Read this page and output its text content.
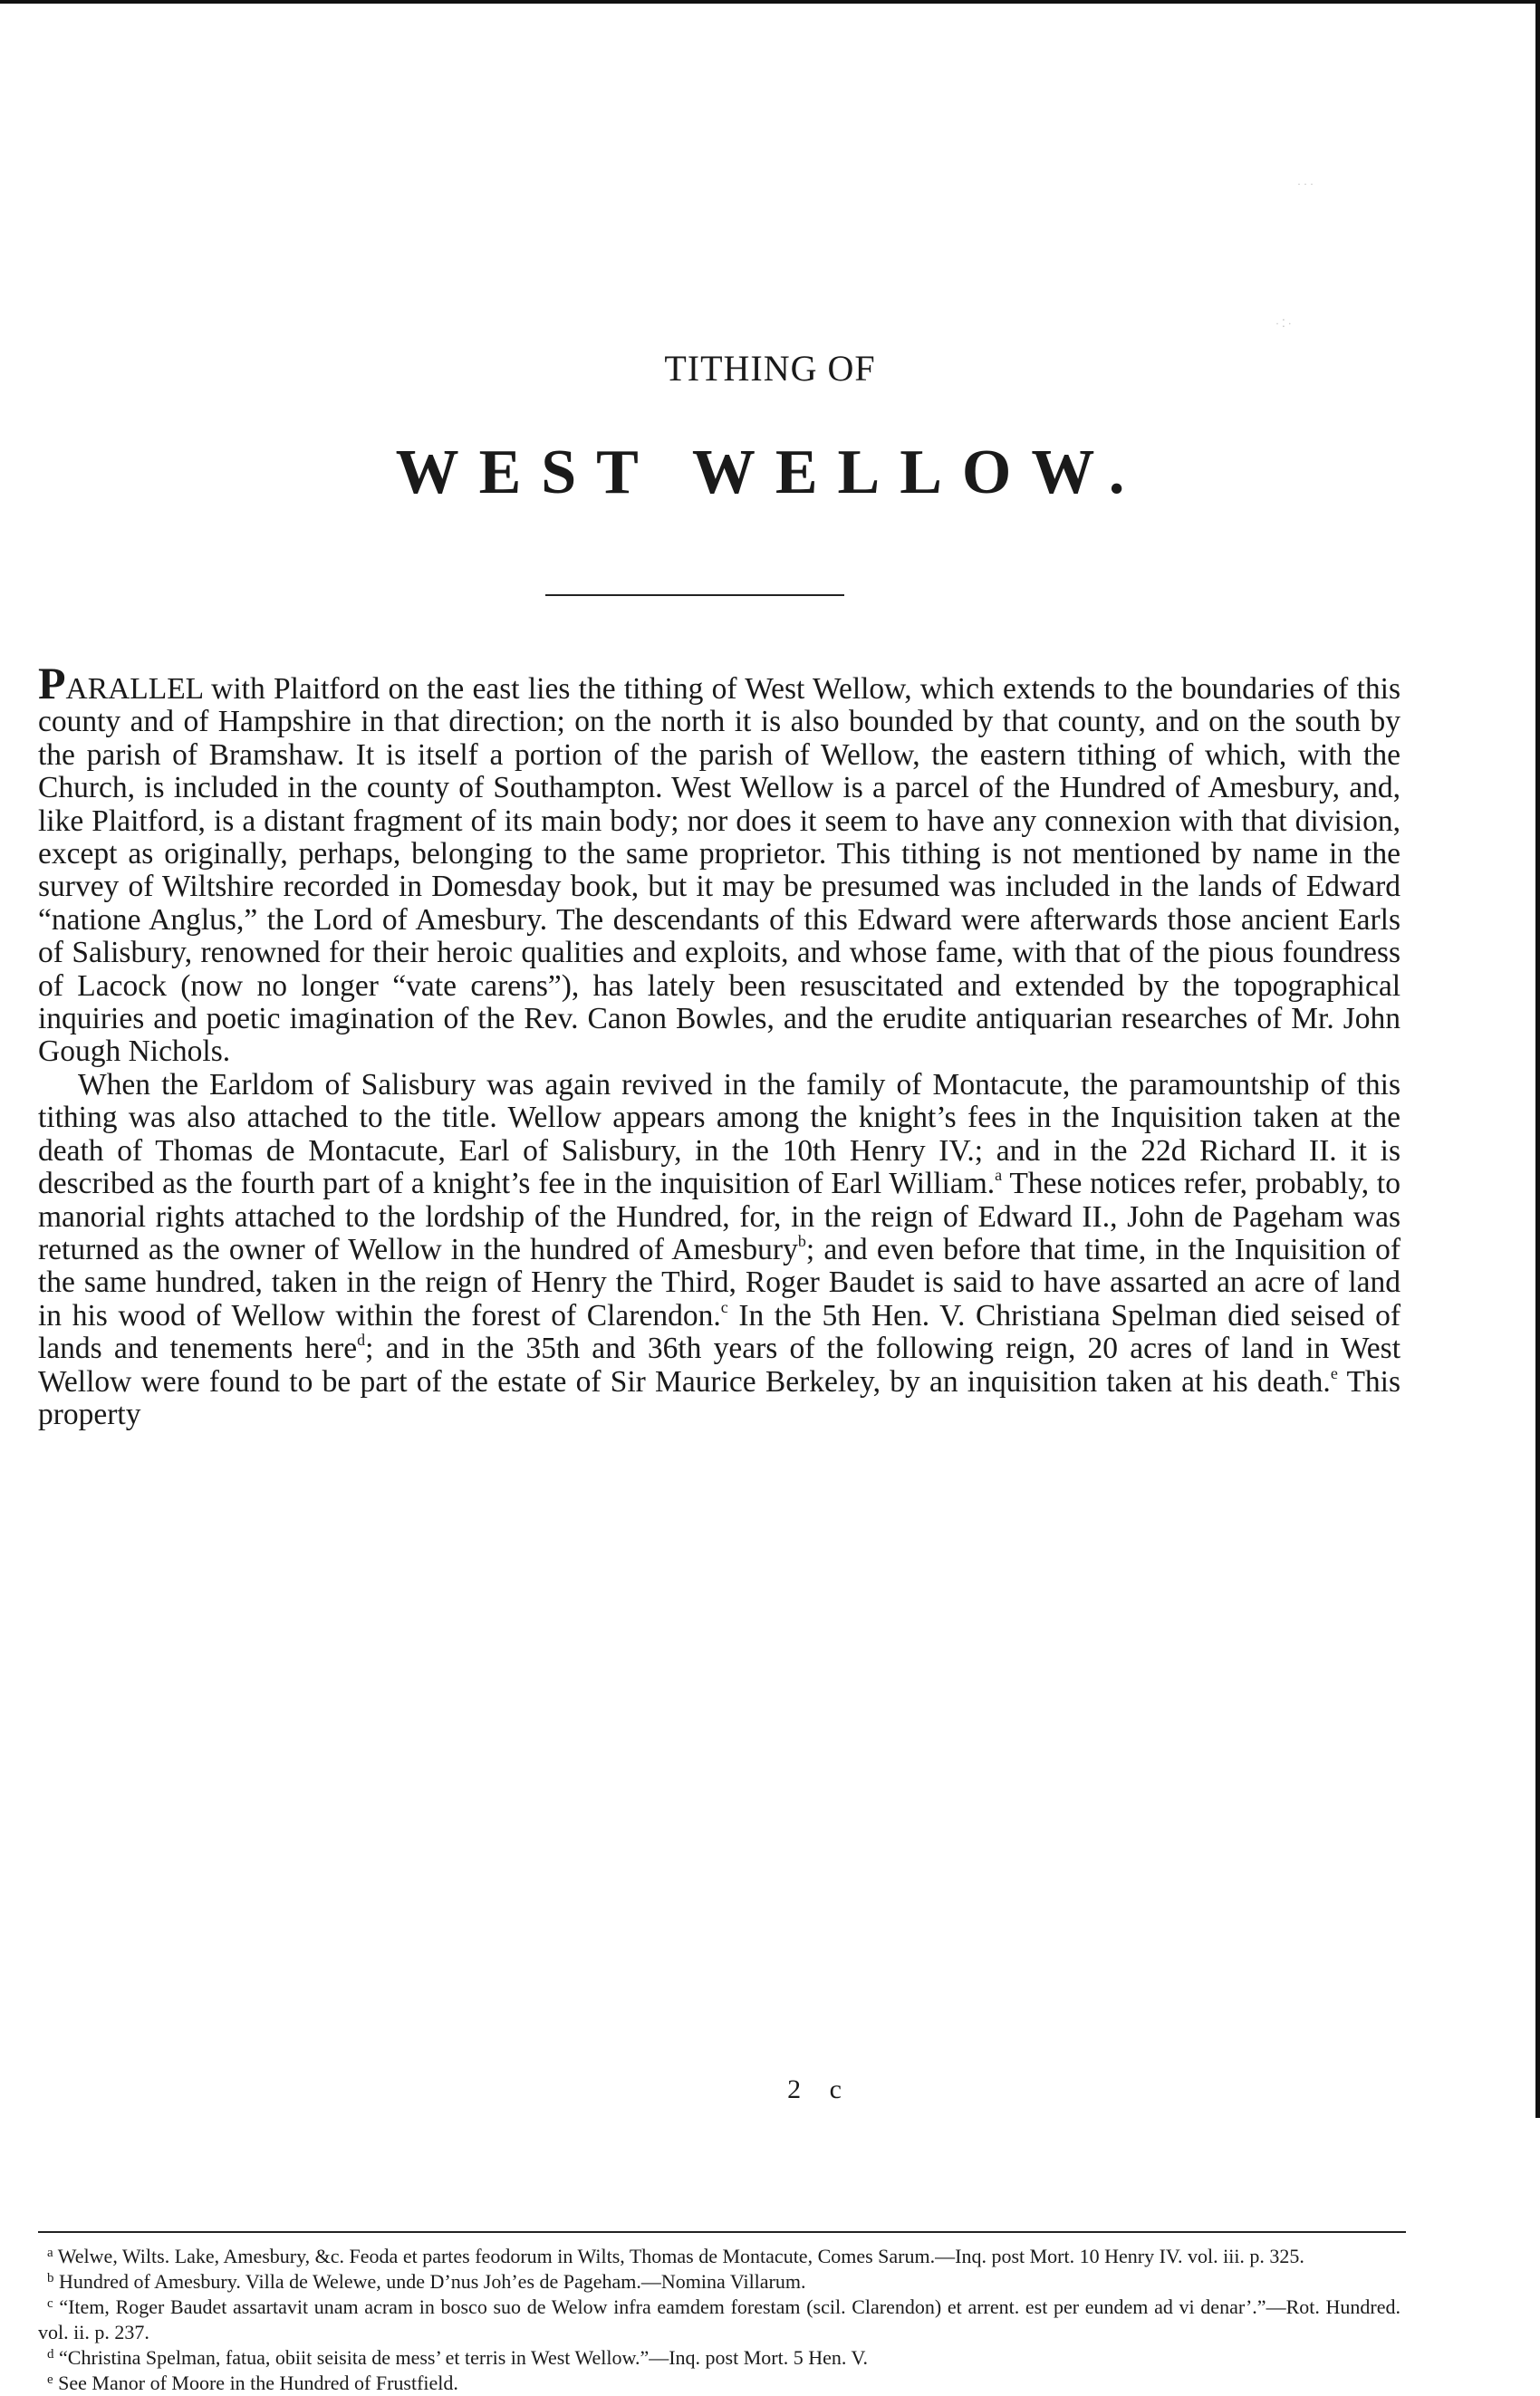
· · ·
· ⁚ ·
TITHING OF
WEST WELLOW.

PARALLEL with Plaitford on the east lies the tithing of West Wellow, which extends to the boundaries of this county and of Hampshire in that direction; on the north it is also bounded by that county, and on the south by the parish of Bramshaw. It is itself a portion of the parish of Wellow, the eastern tithing of which, with the Church, is included in the county of Southampton. West Wellow is a parcel of the Hundred of Amesbury, and, like Plaitford, is a distant fragment of its main body; nor does it seem to have any connexion with that division, except as originally, perhaps, belonging to the same proprietor. This tithing is not mentioned by name in the survey of Wiltshire recorded in Domesday book, but it may be presumed was included in the lands of Edward “natione Anglus,” the Lord of Amesbury. The descendants of this Edward were afterwards those ancient Earls of Salisbury, renowned for their heroic qualities and exploits, and whose fame, with that of the pious foundress of Lacock (now no longer “vate carens”), has lately been resuscitated and extended by the topographical inquiries and poetic imagination of the Rev. Canon Bowles, and the erudite antiquarian researches of Mr. John Gough Nichols.

When the Earldom of Salisbury was again revived in the family of Montacute, the paramountship of this tithing was also attached to the title. Wellow appears among the knight’s fees in the Inquisition taken at the death of Thomas de Montacute, Earl of Salisbury, in the 10th Henry IV.; and in the 22d Richard II. it is described as the fourth part of a knight’s fee in the inquisition of Earl William.$^a$ These notices refer, probably, to manorial rights attached to the lordship of the Hundred, for, in the reign of Edward II., John de Pageham was returned as the owner of Wellow in the hundred of Amesbury$^b$; and even before that time, in the Inquisition of the same hundred, taken in the reign of Henry the Third, Roger Baudet is said to have assarted an acre of land in his wood of Wellow within the forest of Clarendon.$^c$ In the 5th Hen. V. Christiana Spelman died seised of lands and tenements here$^d$; and in the 35th and 36th years of the following reign, 20 acres of land in West Wellow were found to be part of the estate of Sir Maurice Berkeley, by an inquisition taken at his death.$^e$ This property

$^a$ Welwe, Wilts. Lake, Amesbury, &c. Feoda et partes feodorum in Wilts, Thomas de Montacute, Comes Sarum.—Inq. post Mort. 10 Henry IV. vol. iii. p. 325.
$^b$ Hundred of Amesbury. Villa de Welewe, unde D’nus Joh’es de Pageham.—Nomina Villarum.
$^c$ “Item, Roger Baudet assartavit unam acram in bosco suo de Welow infra eamdem forestam (scil. Clarendon) et arrent. est per eundem ad vi denar’.”—Rot. Hundred. vol. ii. p. 237.
$^d$ “Christina Spelman, fatua, obiit seisita de mess’ et terris in West Wellow.”—Inq. post Mort. 5 Hen. V.
$^e$ See Manor of Moore in the Hundred of Frustfield.
2 c
